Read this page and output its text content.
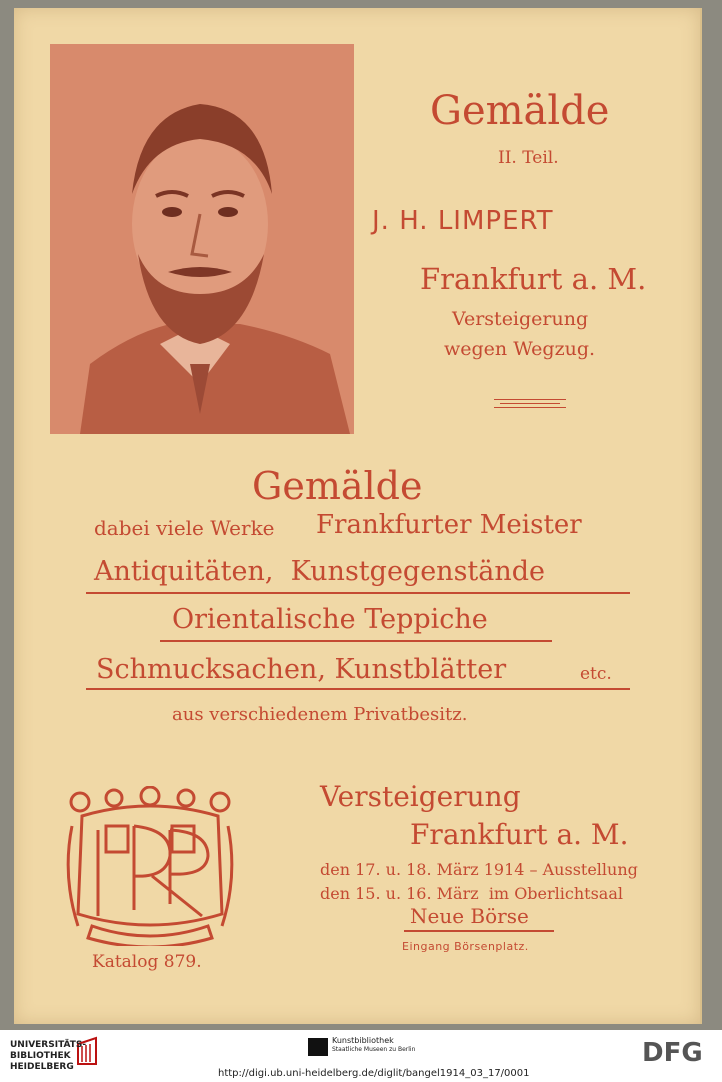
Gemälde
II. Teil.
J. H. LIMPERT
Frankfurt a. M.
Versteigerung
wegen Wegzug.
Gemälde
dabei viele Werke Frankfurter Meister
Antiquitäten,  Kunstgegenstände
Orientalische Teppiche
Schmucksachen, Kunstblätter	etc.
aus verschiedenem Privatbesitz.
Katalog 879.
Versteigerung
Frankfurt a. M.
den 17. u. 18. März 1914 – Ausstellung
den 15. u. 16. März  im Oberlichtsaal
Neue Börse
Eingang Börsenplatz.
UNIVERSITÄTS-
BIBLIOTHEK
HEIDELBERG
Kunstbibliothek
Staatliche Museen zu Berlin	DFG
http://digi.ub.uni-heidelberg.de/diglit/bangel1914_03_17/0001
